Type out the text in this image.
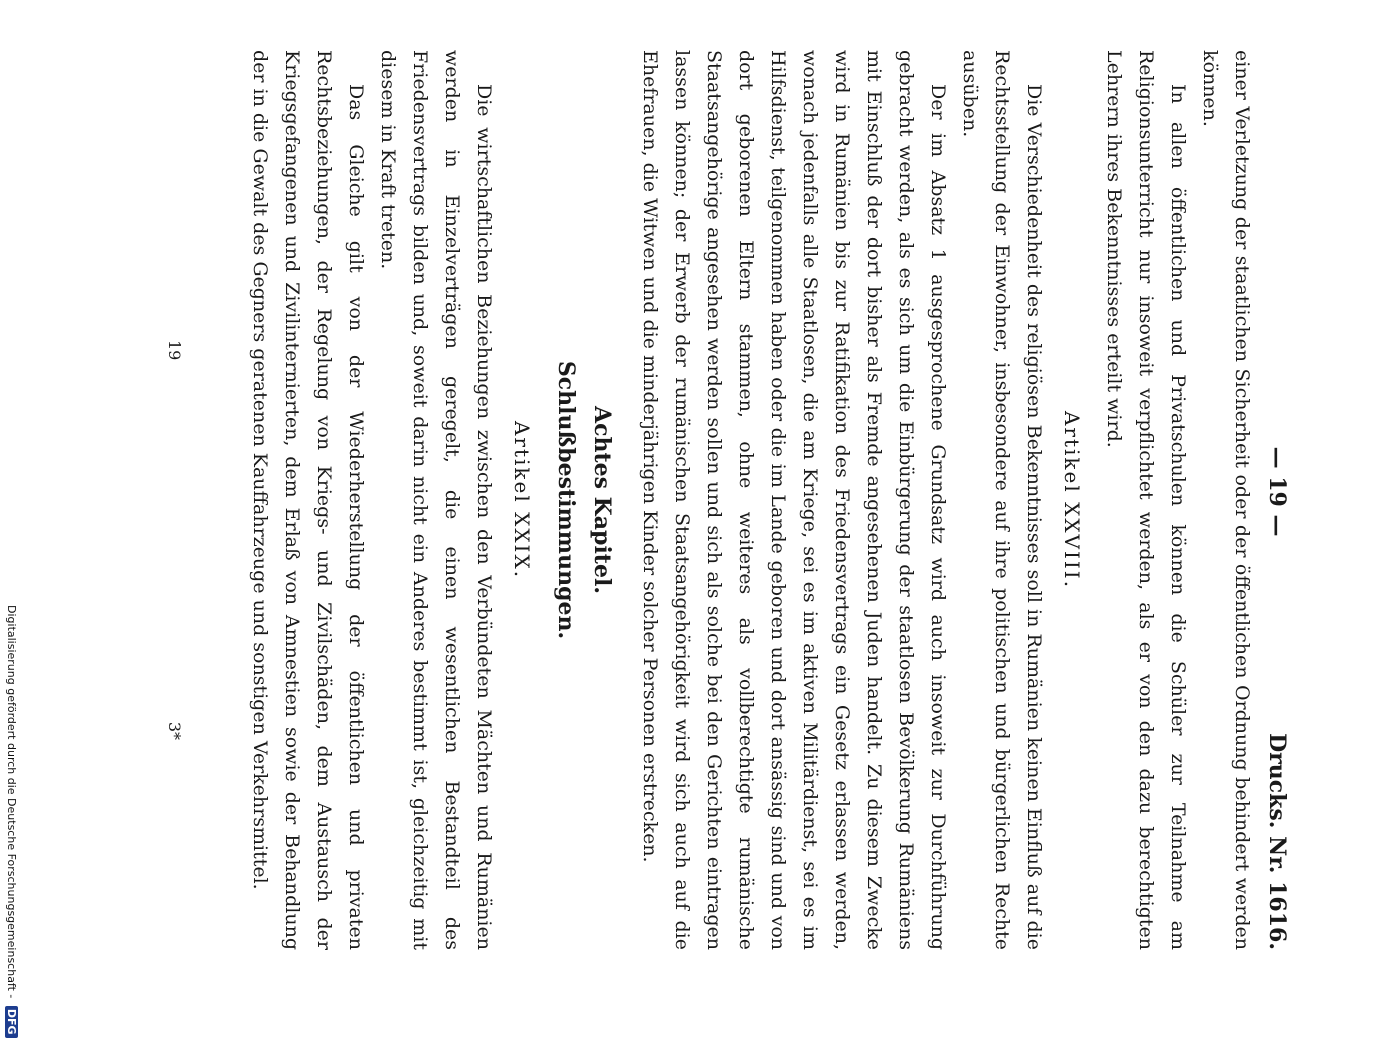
— 19 —
Drucks. Nr. 1616.

einer Verletzung der staatlichen Sicherheit oder der öffentlichen Ordnung behindert werden können.

In allen öffentlichen und Privatschulen können die Schüler zur Teilnahme am Religionsunterricht nur insoweit verpflichtet werden, als er von den dazu berechtigten Lehrern ihres Bekenntnisses erteilt wird.

Artikel XXVIII.

Die Verschiedenheit des religiösen Bekenntnisses soll in Rumänien keinen Einfluß auf die Rechtsstellung der Einwohner, insbesondere auf ihre politischen und bürgerlichen Rechte ausüben.

Der im Absatz 1 ausgesprochene Grundsatz wird auch insoweit zur Durchführung gebracht werden, als es sich um die Einbürgerung der staatlosen Bevölkerung Rumäniens mit Einschluß der dort bisher als Fremde angesehenen Juden handelt. Zu diesem Zwecke wird in Rumänien bis zur Ratifikation des Friedensvertrags ein Gesetz erlassen werden, wonach jedenfalls alle Staatlosen, die am Kriege, sei es im aktiven Militärdienst, sei es im Hilfsdienst, teilgenommen haben oder die im Lande geboren und dort ansässig sind und von dort geborenen Eltern stammen, ohne weiteres als vollberechtigte rumänische Staatsangehörige angesehen werden sollen und sich als solche bei den Gerichten eintragen lassen können; der Erwerb der rumänischen Staatsangehörigkeit wird sich auch auf die Ehefrauen, die Witwen und die minderjährigen Kinder solcher Personen erstrecken.

Achtes Kapitel.
Schlußbestimmungen.
Artikel XXIX.

Die wirtschaftlichen Beziehungen zwischen den Verbündeten Mächten und Rumänien werden in Einzelverträgen geregelt, die einen wesentlichen Bestandteil des Friedensvertrags bilden und, soweit darin nicht ein Anderes bestimmt ist, gleichzeitig mit diesem in Kraft treten.

Das Gleiche gilt von der Wiederherstellung der öffentlichen und privaten Rechtsbeziehungen, der Regelung von Kriegs- und Zivilschäden, dem Austausch der Kriegsgefangenen und Zivilinternierten, dem Erlaß von Amnestien sowie der Behandlung der in die Gewalt des Gegners geratenen Kauffahrzeuge und sonstigen Verkehrsmittel.

19
3*
Digitalisierung gefördert durch die Deutsche Forschungsgemeinschaft - DFG
